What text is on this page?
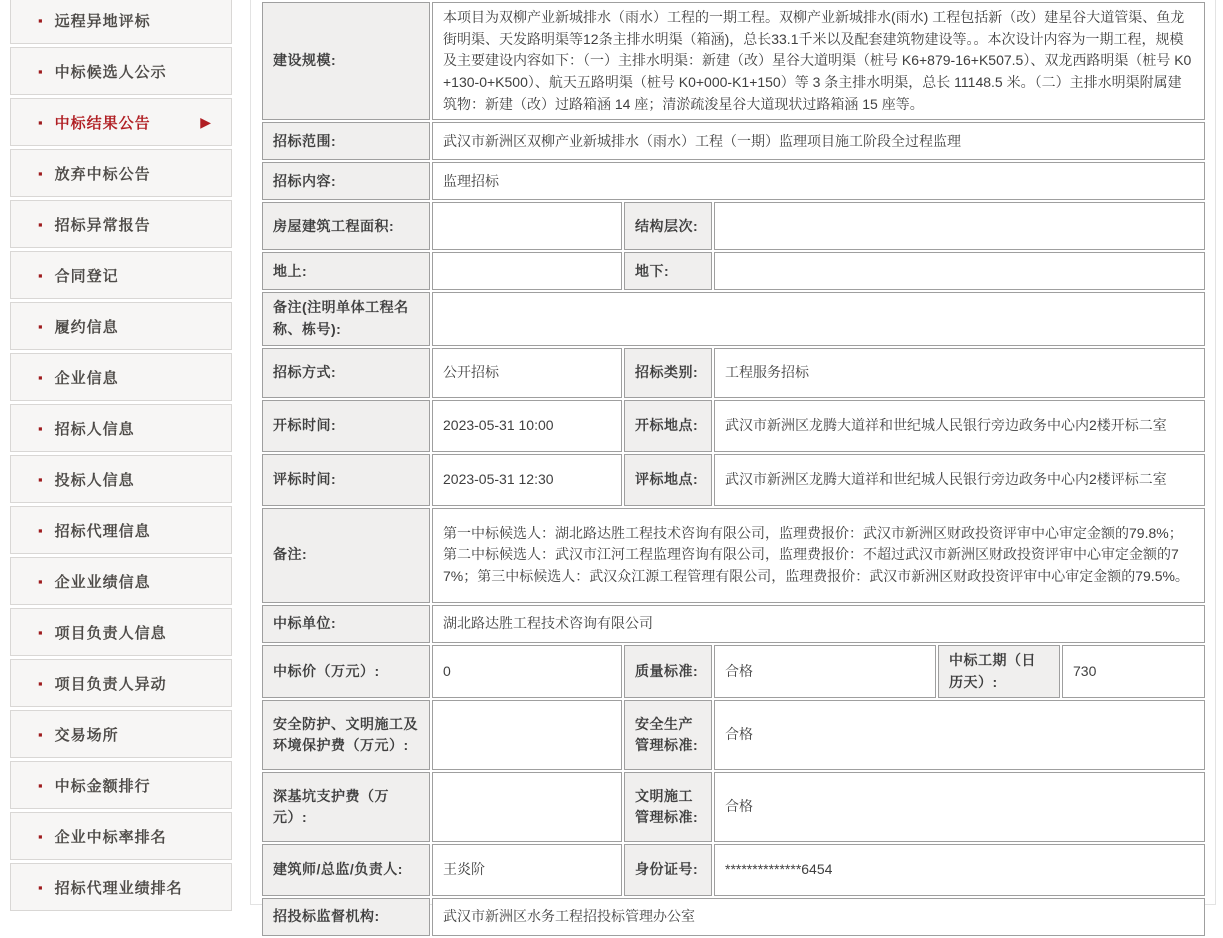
▪ 远程异地评标
▪ 中标候选人公示
▪ 中标结果公告	▶
▪ 放弃中标公告
▪ 招标异常报告
▪ 合同登记
▪ 履约信息
▪ 企业信息
▪ 招标人信息
▪ 投标人信息
▪ 招标代理信息
▪ 企业业绩信息
▪ 项目负责人信息
▪ 项目负责人异动
▪ 交易场所
▪ 中标金额排行
▪ 企业中标率排名
▪ 招标代理业绩排名
建设规模:	本项目为双柳产业新城排水（雨水）工程的一期工程。双柳产业新城排水(雨水) 工程包括新（改）建星谷大道管渠、鱼龙街明渠、天发路明渠等12条主排水明渠（箱涵)，总长33.1千米以及配套建筑物建设等。。本次设计内容为一期工程，规模及主要建设内容如下：（一）主排水明渠：新建（改）星谷大道明渠（桩号 K6+879-16+K507.5）、双龙西路明渠（桩号 K0+130-0+K500）、航天五路明渠（桩号 K0+000-K1+150）等 3 条主排水明渠，总长 11148.5 米。（二）主排水明渠附属建筑物：新建（改）过路箱涵 14 座；清淤疏浚星谷大道现状过路箱涵 15 座等。				
招标范围:	武汉市新洲区双柳产业新城排水（雨水）工程（一期）监理项目施工阶段全过程监理				
招标内容:	监理招标				
房屋建筑工程面积:		结构层次:			
地上:		地下:			
备注(注明单体工程名称、栋号):					
招标方式:	公开招标	招标类别:	工程服务招标		
开标时间:	2023-05-31 10:00	开标地点:	武汉市新洲区龙腾大道祥和世纪城人民银行旁边政务中心内2楼开标二室		
评标时间:	2023-05-31 12:30	评标地点:	武汉市新洲区龙腾大道祥和世纪城人民银行旁边政务中心内2楼评标二室		
备注:	第一中标候选人：湖北路达胜工程技术咨询有限公司，监理费报价：武汉市新洲区财政投资评审中心审定金额的79.8%；第二中标候选人：武汉市江河工程监理咨询有限公司，监理费报价：不超过武汉市新洲区财政投资评审中心审定金额的77%；第三中标候选人：武汉众江源工程管理有限公司，监理费报价：武汉市新洲区财政投资评审中心审定金额的79.5%。				
中标单位:	湖北路达胜工程技术咨询有限公司				
中标价（万元）:	0	质量标准:	合格	中标工期（日历天）:	730
安全防护、文明施工及环境保护费（万元）:		安全生产管理标准:	合格		
深基坑支护费（万元）:		文明施工管理标准:	合格		
建筑师/总监/负责人:	王炎阶	身份证号:	**************6454		
招投标监督机构:	武汉市新洲区水务工程招投标管理办公室				
